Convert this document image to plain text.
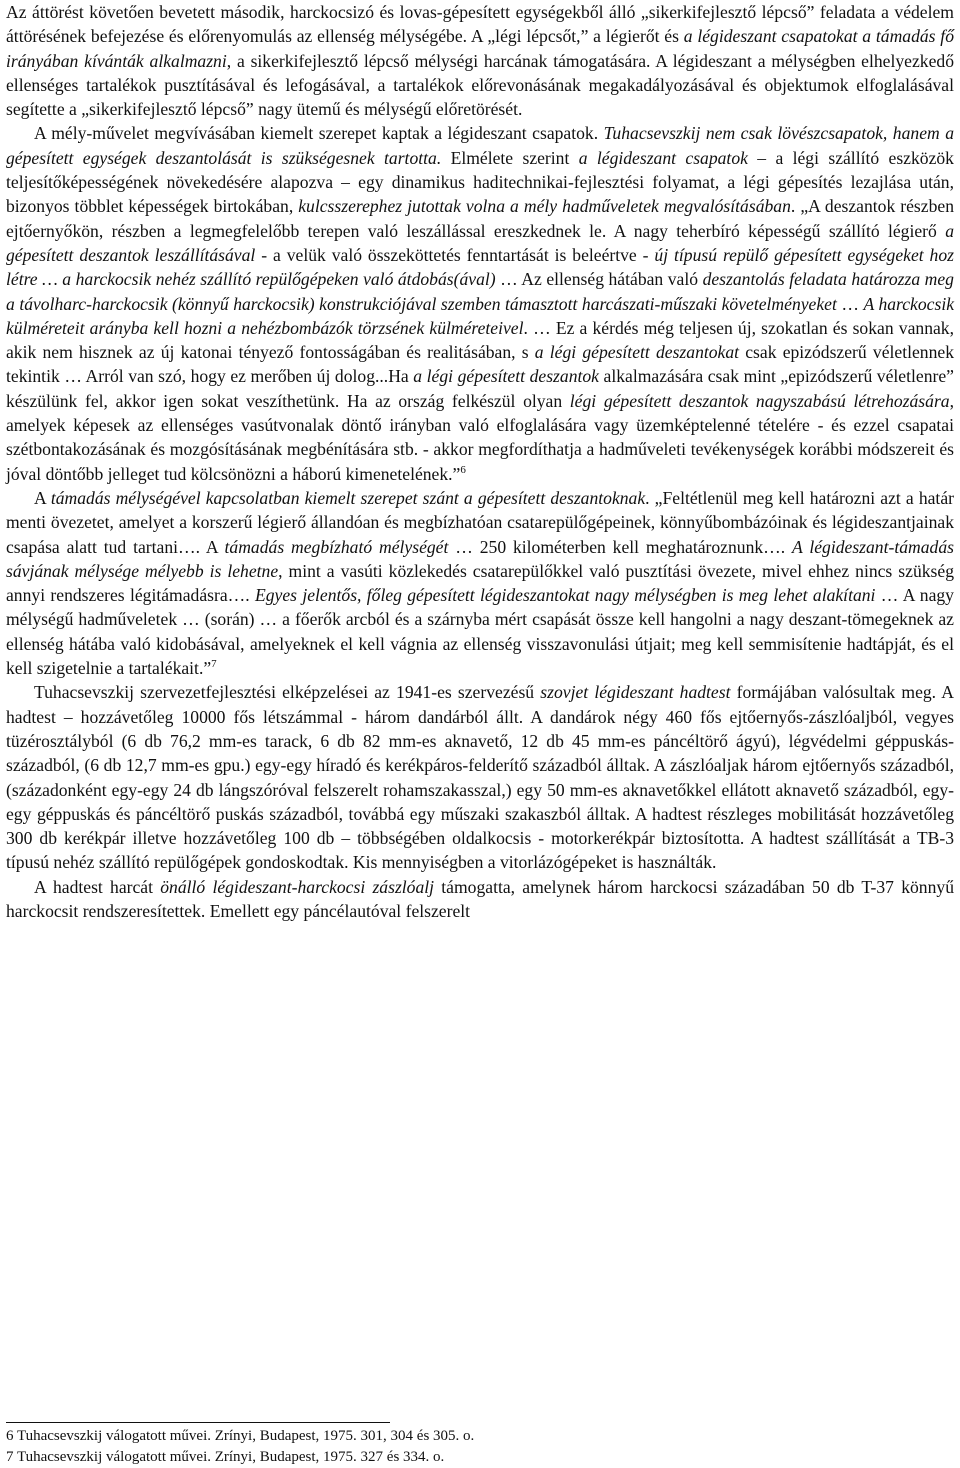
Az áttörést követően bevetett második, harckocsizó és lovas-gépesített egységekből álló „sikerkifejlesztő lépcső” feladata a védelem áttörésének befejezése és előrenyomulás az ellenség mélységébe. A „légi lépcsőt,” a légierőt és a légideszant csapatokat a támadás fő irányában kívánták alkalmazni, a sikerkifejlesztő lépcső mélységi harcának támogatására. A légideszant a mélységben elhelyezkedő ellenséges tartalékok pusztításával és lefogásával, a tartalékok előrevonásának megakadályozásával és objektumok elfoglalásával segítette a „sikerkifejlesztő lépcső” nagy ütemű és mélységű előretörését.

A mély-művelet megvívásában kiemelt szerepet kaptak a légideszant csapatok. Tuhacsevszkij nem csak lövészcsapatok, hanem a gépesített egységek deszantolását is szükségesnek tartotta. Elmélete szerint a légideszant csapatok – a légi szállító eszközök teljesítőképességének növekedésére alapozva – egy dinamikus haditechnikai-fejlesztési folyamat, a légi gépesítés lezajlása után, bizonyos többlet képességek birtokában, kulcsszerephez jutottak volna a mély hadműveletek megvalósításában. „A deszantok részben ejtőernyőkön, részben a legmegfelelőbb terepen való leszállással ereszkednek le. A nagy teherbíró képességű szállító légierő a gépesített deszantok leszállításával - a velük való összeköttetés fenntartását is beleértve - új típusú repülő gépesített egységeket hoz létre … a harckocsik nehéz szállító repülőgépeken való átdobás(ával) … Az ellenség hátában való deszantolás feladata határozza meg a távolharc-harckocsik (könnyű harckocsik) konstrukciójával szemben támasztott harcászati-műszaki követelményeket … A harckocsik külméreteit arányba kell hozni a nehézbombázók törzsének külméreteivel. … Ez a kérdés még teljesen új, szokatlan és sokan vannak, akik nem hisznek az új katonai tényező fontosságában és realitásában, s a légi gépesített deszantokat csak epizódszerű véletlennek tekintik … Arról van szó, hogy ez merőben új dolog...Ha a légi gépesített deszantok alkalmazására csak mint „epizódszerű véletlenre” készülünk fel, akkor igen sokat veszíthetünk. Ha az ország felkészül olyan légi gépesített deszantok nagyszabású létrehozására, amelyek képesek az ellenséges vasútvonalak döntő irányban való elfoglalására vagy üzemképtelenné tételére - és ezzel csapatai szétbontakozásának és mozgósításának megbénítására stb. - akkor megfordíthatja a hadműveleti tevékenységek korábbi módszereit és jóval döntőbb jelleget tud kölcsönözni a háború kimenetelének.”$^6$

A támadás mélységével kapcsolatban kiemelt szerepet szánt a gépesített deszantoknak. „Feltétlenül meg kell határozni azt a határ menti övezetet, amelyet a korszerű légierő állandóan és megbízhatóan csatarepülőgépeinek, könnyűbombázóinak és légideszantjainak csapása alatt tud tartani…. A támadás megbízható mélységét … 250 kilométerben kell meghatároznunk…. A légideszant-támadás sávjának mélysége mélyebb is lehetne, mint a vasúti közlekedés csatarepülőkkel való pusztítási övezete, mivel ehhez nincs szükség annyi rendszeres légitámadásra…. Egyes jelentős, főleg gépesített légideszantokat nagy mélységben is meg lehet alakítani … A nagy mélységű hadműveletek … (során) … a főerők arcból és a szárnyba mért csapását össze kell hangolni a nagy deszant-tömegeknek az ellenség hátába való kidobásával, amelyeknek el kell vágnia az ellenség visszavonulási útjait; meg kell semmisítenie hadtápját, és el kell szigetelnie a tartalékait.”$^7$

Tuhacsevszkij szervezetfejlesztési elképzelései az 1941-es szervezésű szovjet légideszant hadtest formájában valósultak meg. A hadtest – hozzávetőleg 10000 fős létszámmal - három dandárból állt. A dandárok négy 460 fős ejtőernyős-zászlóaljból, vegyes tüzérosztályból (6 db 76,2 mm-es tarack, 6 db 82 mm-es aknavető, 12 db 45 mm-es páncéltörő ágyú), légvédelmi géppuskás-századból, (6 db 12,7 mm-es gpu.) egy-egy híradó és kerékpáros-felderítő századból álltak. A zászlóaljak három ejtőernyős századból, (századonként egy-egy 24 db lángszóróval felszerelt rohamszakasszal,) egy 50 mm-es aknavetőkkel ellátott aknavető századból, egy-egy géppuskás és páncéltörő puskás századból, továbbá egy műszaki szakaszból álltak. A hadtest részleges mobilitását hozzávetőleg 300 db kerékpár illetve hozzávetőleg 100 db – többségében oldalkocsis - motorkerékpár biztosította. A hadtest szállítását a TB-3 típusú nehéz szállító repülőgépek gondoskodtak. Kis mennyiségben a vitorlázógépeket is használták.

A hadtest harcát önálló légideszant-harckocsi zászlóalj támogatta, amelynek három harckocsi századában 50 db T-37 könnyű harckocsit rendszeresítettek. Emellett egy páncélautóval felszerelt

6 Tuhacsevszkij válogatott művei. Zrínyi, Budapest, 1975. 301, 304 és 305. o.
7 Tuhacsevszkij válogatott művei. Zrínyi, Budapest, 1975. 327 és 334. o.
